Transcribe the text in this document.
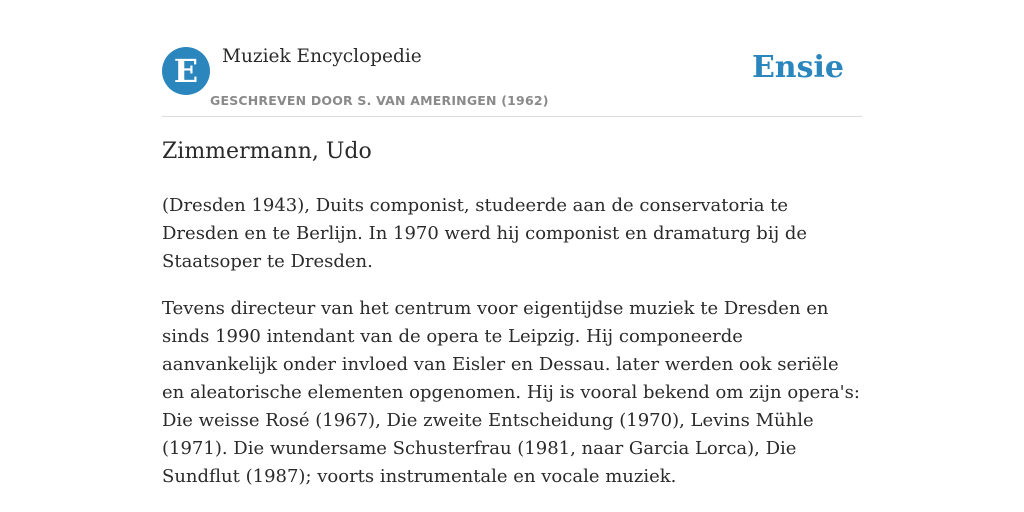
E	Muziek Encyclopedie
GESCHREVEN DOOR S. VAN AMERINGEN (1962)
Ensie
Zimmermann, Udo

(Dresden 1943), Duits componist, studeerde aan de conservatoria te Dresden en te Berlijn. In 1970 werd hij componist en dramaturg bij de Staatsoper te Dresden.

Tevens directeur van het centrum voor eigentijdse muziek te Dresden en sinds 1990 intendant van de opera te Leipzig. Hij componeerde aanvankelijk onder invloed van Eisler en Dessau. later werden ook seriële en aleatorische elementen opgenomen. Hij is vooral bekend om zijn opera's: Die weisse Rosé (1967), Die zweite Entscheidung (1970), Levins Mühle (1971). Die wundersame Schusterfrau (1981, naar Garcia Lorca), Die Sundflut (1987); voorts instrumentale en vocale muziek.
